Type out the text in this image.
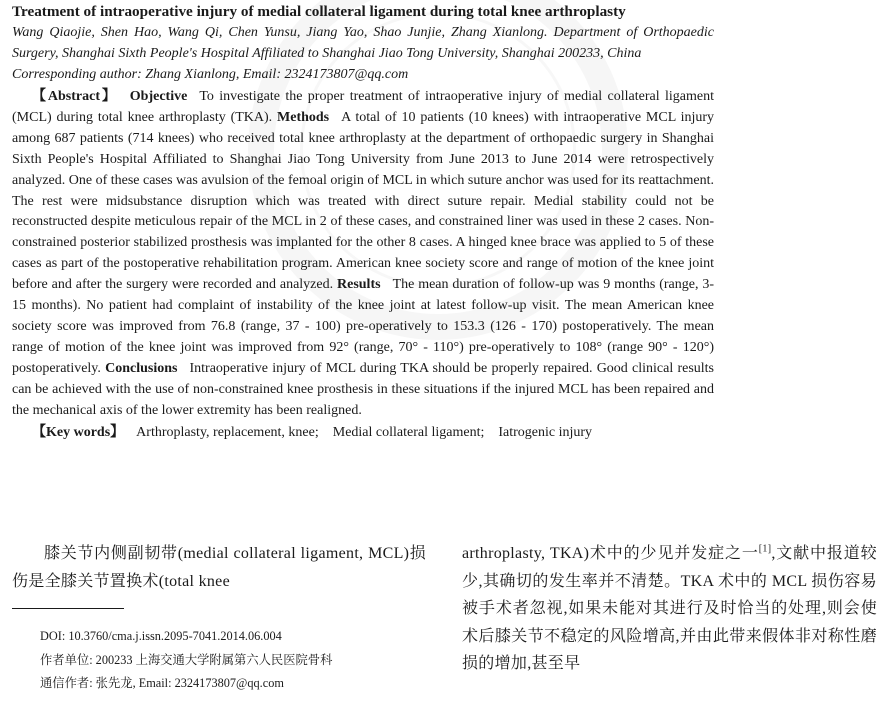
Treatment of intraoperative injury of medial collateral ligament during total knee arthroplasty

Wang Qiaojie, Shen Hao, Wang Qi, Chen Yunsu, Jiang Yao, Shao Junjie, Zhang Xianlong. Department of Orthopaedic Surgery, Shanghai Sixth People's Hospital Affiliated to Shanghai Jiao Tong University, Shanghai 200233, China

Corresponding author: Zhang Xianlong, Email: 2324173807@qq.com

【Abstract】 Objective To investigate the proper treatment of intraoperative injury of medial collateral ligament (MCL) during total knee arthroplasty (TKA). Methods A total of 10 patients (10 knees) with intraoperative MCL injury among 687 patients (714 knees) who received total knee arthroplasty at the department of orthopaedic surgery in Shanghai Sixth People's Hospital Affiliated to Shanghai Jiao Tong University from June 2013 to June 2014 were retrospectively analyzed. One of these cases was avulsion of the femoal origin of MCL in which suture anchor was used for its reattachment. The rest were midsubstance disruption which was treated with direct suture repair. Medial stability could not be reconstructed despite meticulous repair of the MCL in 2 of these cases, and constrained liner was used in these 2 cases. Non-constrained posterior stabilized prosthesis was implanted for the other 8 cases. A hinged knee brace was applied to 5 of these cases as part of the postoperative rehabilitation program. American knee society score and range of motion of the knee joint before and after the surgery were recorded and analyzed. Results The mean duration of follow-up was 9 months (range, 3-15 months). No patient had complaint of instability of the knee joint at latest follow-up visit. The mean American knee society score was improved from 76.8 (range, 37 - 100) pre-operatively to 153.3 (126 - 170) postoperatively. The mean range of motion of the knee joint was improved from 92° (range, 70° - 110°) pre-operatively to 108° (range 90° - 120°) postoperatively. Conclusions Intraoperative injury of MCL during TKA should be properly repaired. Good clinical results can be achieved with the use of non-constrained knee prosthesis in these situations if the injured MCL has been repaired and the mechanical axis of the lower extremity has been realigned.

【Key words】 Arthroplasty, replacement, knee; Medial collateral ligament; Iatrogenic injury

膝关节内侧副韧带(medial collateral ligament, MCL)损伤是全膝关节置换术(total knee

DOI: 10.3760/cma.j.issn.2095-7041.2014.06.004

作者单位: 200233 上海交通大学附属第六人民医院骨科

通信作者: 张先龙, Email: 2324173807@qq.com

arthroplasty, TKA)术中的少见并发症之一[1],文献中报道较少,其确切的发生率并不清楚。TKA 术中的 MCL 损伤容易被手术者忽视,如果未能对其进行及时恰当的处理,则会使术后膝关节不稳定的风险增高,并由此带来假体非对称性磨损的增加,甚至早
